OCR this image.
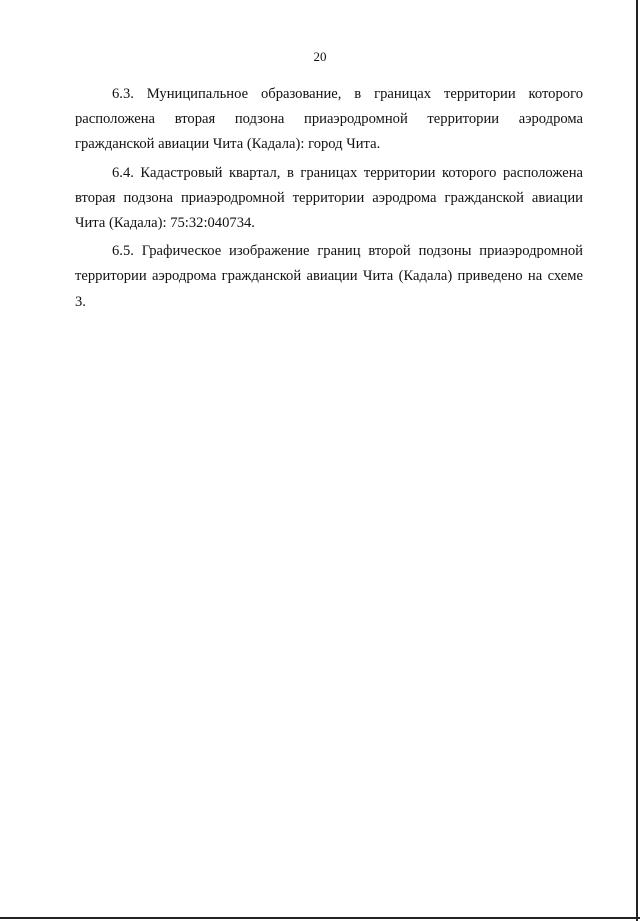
20

6.3. Муниципальное образование, в границах территории которого расположена вторая подзона приаэродромной территории аэродрома гражданской авиации Чита (Кадала): город Чита.

6.4. Кадастровый квартал, в границах территории которого расположена вторая подзона приаэродромной территории аэродрома гражданской авиации Чита (Кадала): 75:32:040734.

6.5. Графическое изображение границ второй подзоны приаэродромной территории аэродрома гражданской авиации Чита (Кадала) приведено на схеме 3.
